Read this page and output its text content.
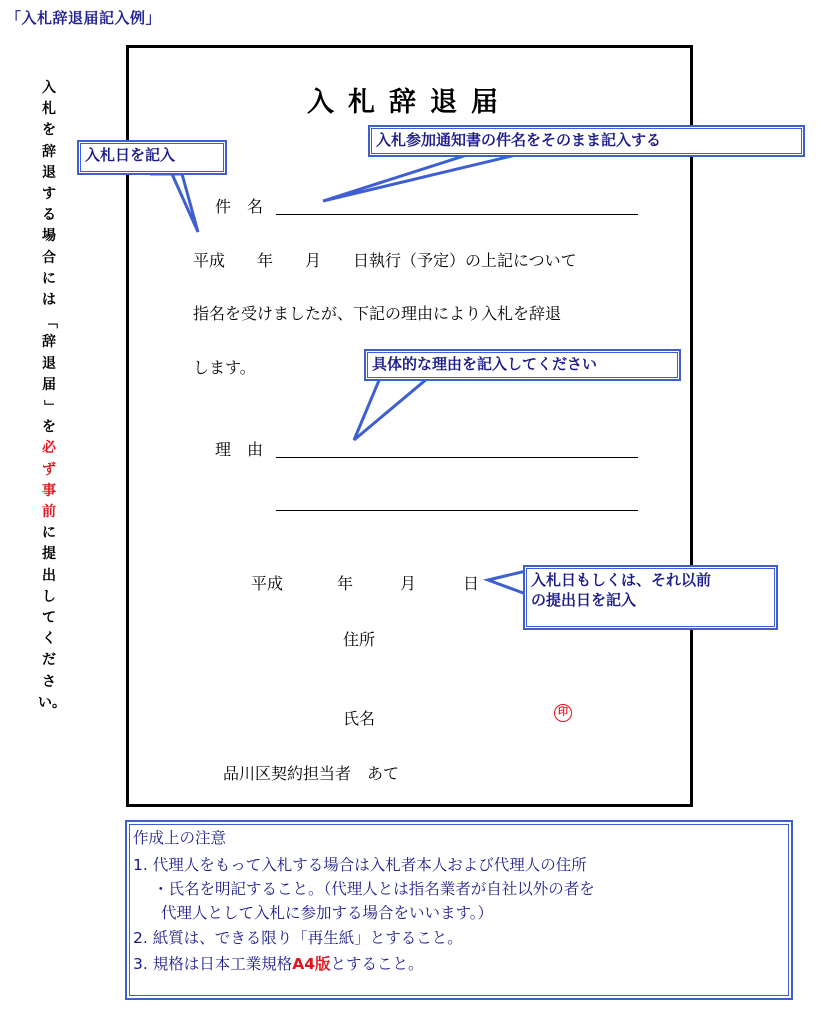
「入札辞退届記入例」
入札を辞退する場合には「辞退届」を必ず事前に提出してください。
入札辞退届
件　名
平成　　年　　月　　日執行（予定）の上記について
指名を受けましたが、下記の理由により入札を辞退
します。
理　由
平成	年	月	日
住所
氏名	印
品川区契約担当者　あて
入札日を記入
入札参加通知書の件名をそのまま記入する
具体的な理由を記入してください
入札日もしくは、それ以前
の提出日を記入
作成上の注意
1. 代理人をもって入札する場合は入札者本人および代理人の住所
・氏名を明記すること。（代理人とは指名業者が自社以外の者を
代理人として入札に参加する場合をいいます。）
2. 紙質は、できる限り「再生紙」とすること。
3. 規格は日本工業規格A4版とすること。
